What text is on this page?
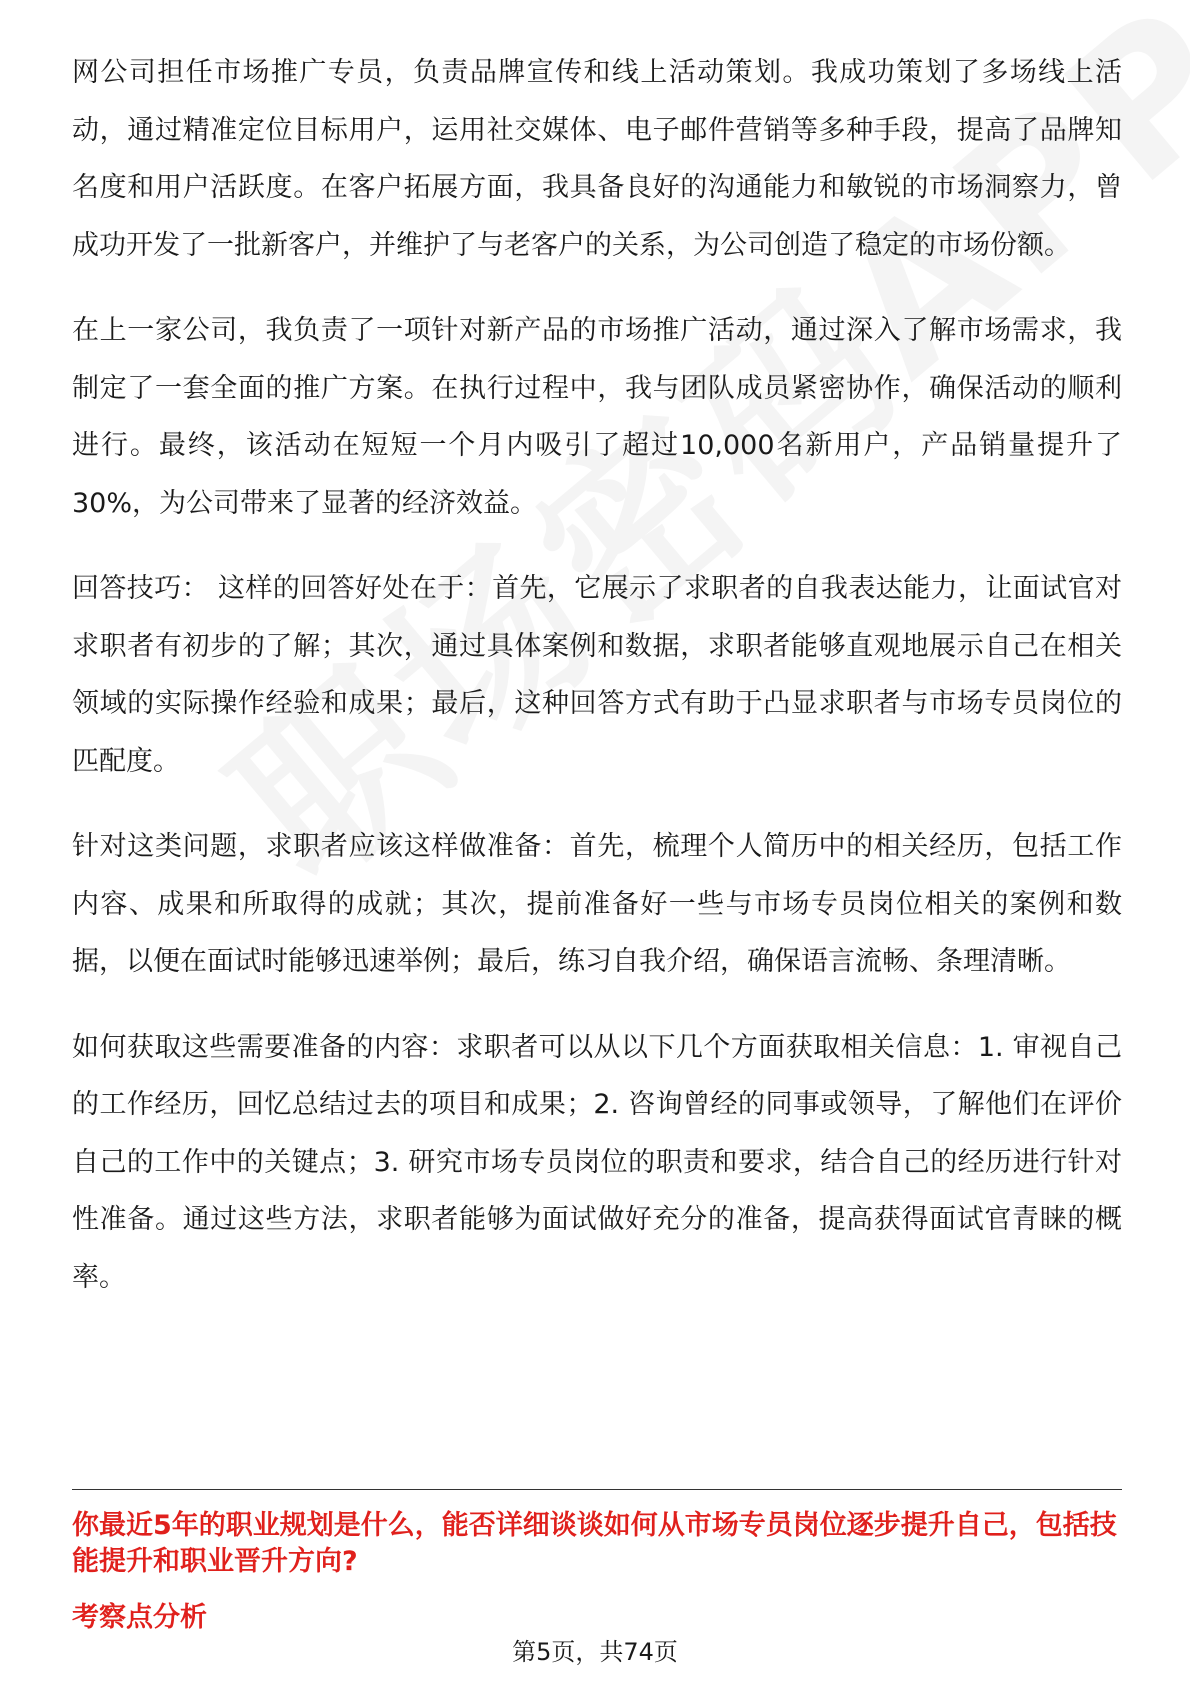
网公司担任市场推广专员，负责品牌宣传和线上活动策划。我成功策划了多场线上活动，通过精准定位目标用户，运用社交媒体、电子邮件营销等多种手段，提高了品牌知名度和用户活跃度。在客户拓展方面，我具备良好的沟通能力和敏锐的市场洞察力，曾成功开发了一批新客户，并维护了与老客户的关系，为公司创造了稳定的市场份额。

在上一家公司，我负责了一项针对新产品的市场推广活动，通过深入了解市场需求，我制定了一套全面的推广方案。在执行过程中，我与团队成员紧密协作，确保活动的顺利进行。最终，该活动在短短一个月内吸引了超过10,000名新用户，产品销量提升了30%，为公司带来了显著的经济效益。

回答技巧： 这样的回答好处在于：首先，它展示了求职者的自我表达能力，让面试官对求职者有初步的了解；其次，通过具体案例和数据，求职者能够直观地展示自己在相关领域的实际操作经验和成果；最后，这种回答方式有助于凸显求职者与市场专员岗位的匹配度。

针对这类问题，求职者应该这样做准备：首先，梳理个人简历中的相关经历，包括工作内容、成果和所取得的成就；其次，提前准备好一些与市场专员岗位相关的案例和数据，以便在面试时能够迅速举例；最后，练习自我介绍，确保语言流畅、条理清晰。

如何获取这些需要准备的内容：求职者可以从以下几个方面获取相关信息：1. 审视自己的工作经历，回忆总结过去的项目和成果；2. 咨询曾经的同事或领导，了解他们在评价自己的工作中的关键点；3. 研究市场专员岗位的职责和要求，结合自己的经历进行针对性准备。通过这些方法，求职者能够为面试做好充分的准备，提高获得面试官青睐的概率。

你最近5年的职业规划是什么，能否详细谈谈如何从市场专员岗位逐步提升自己，包括技能提升和职业晋升方向?
考察点分析
第5页，共74页
